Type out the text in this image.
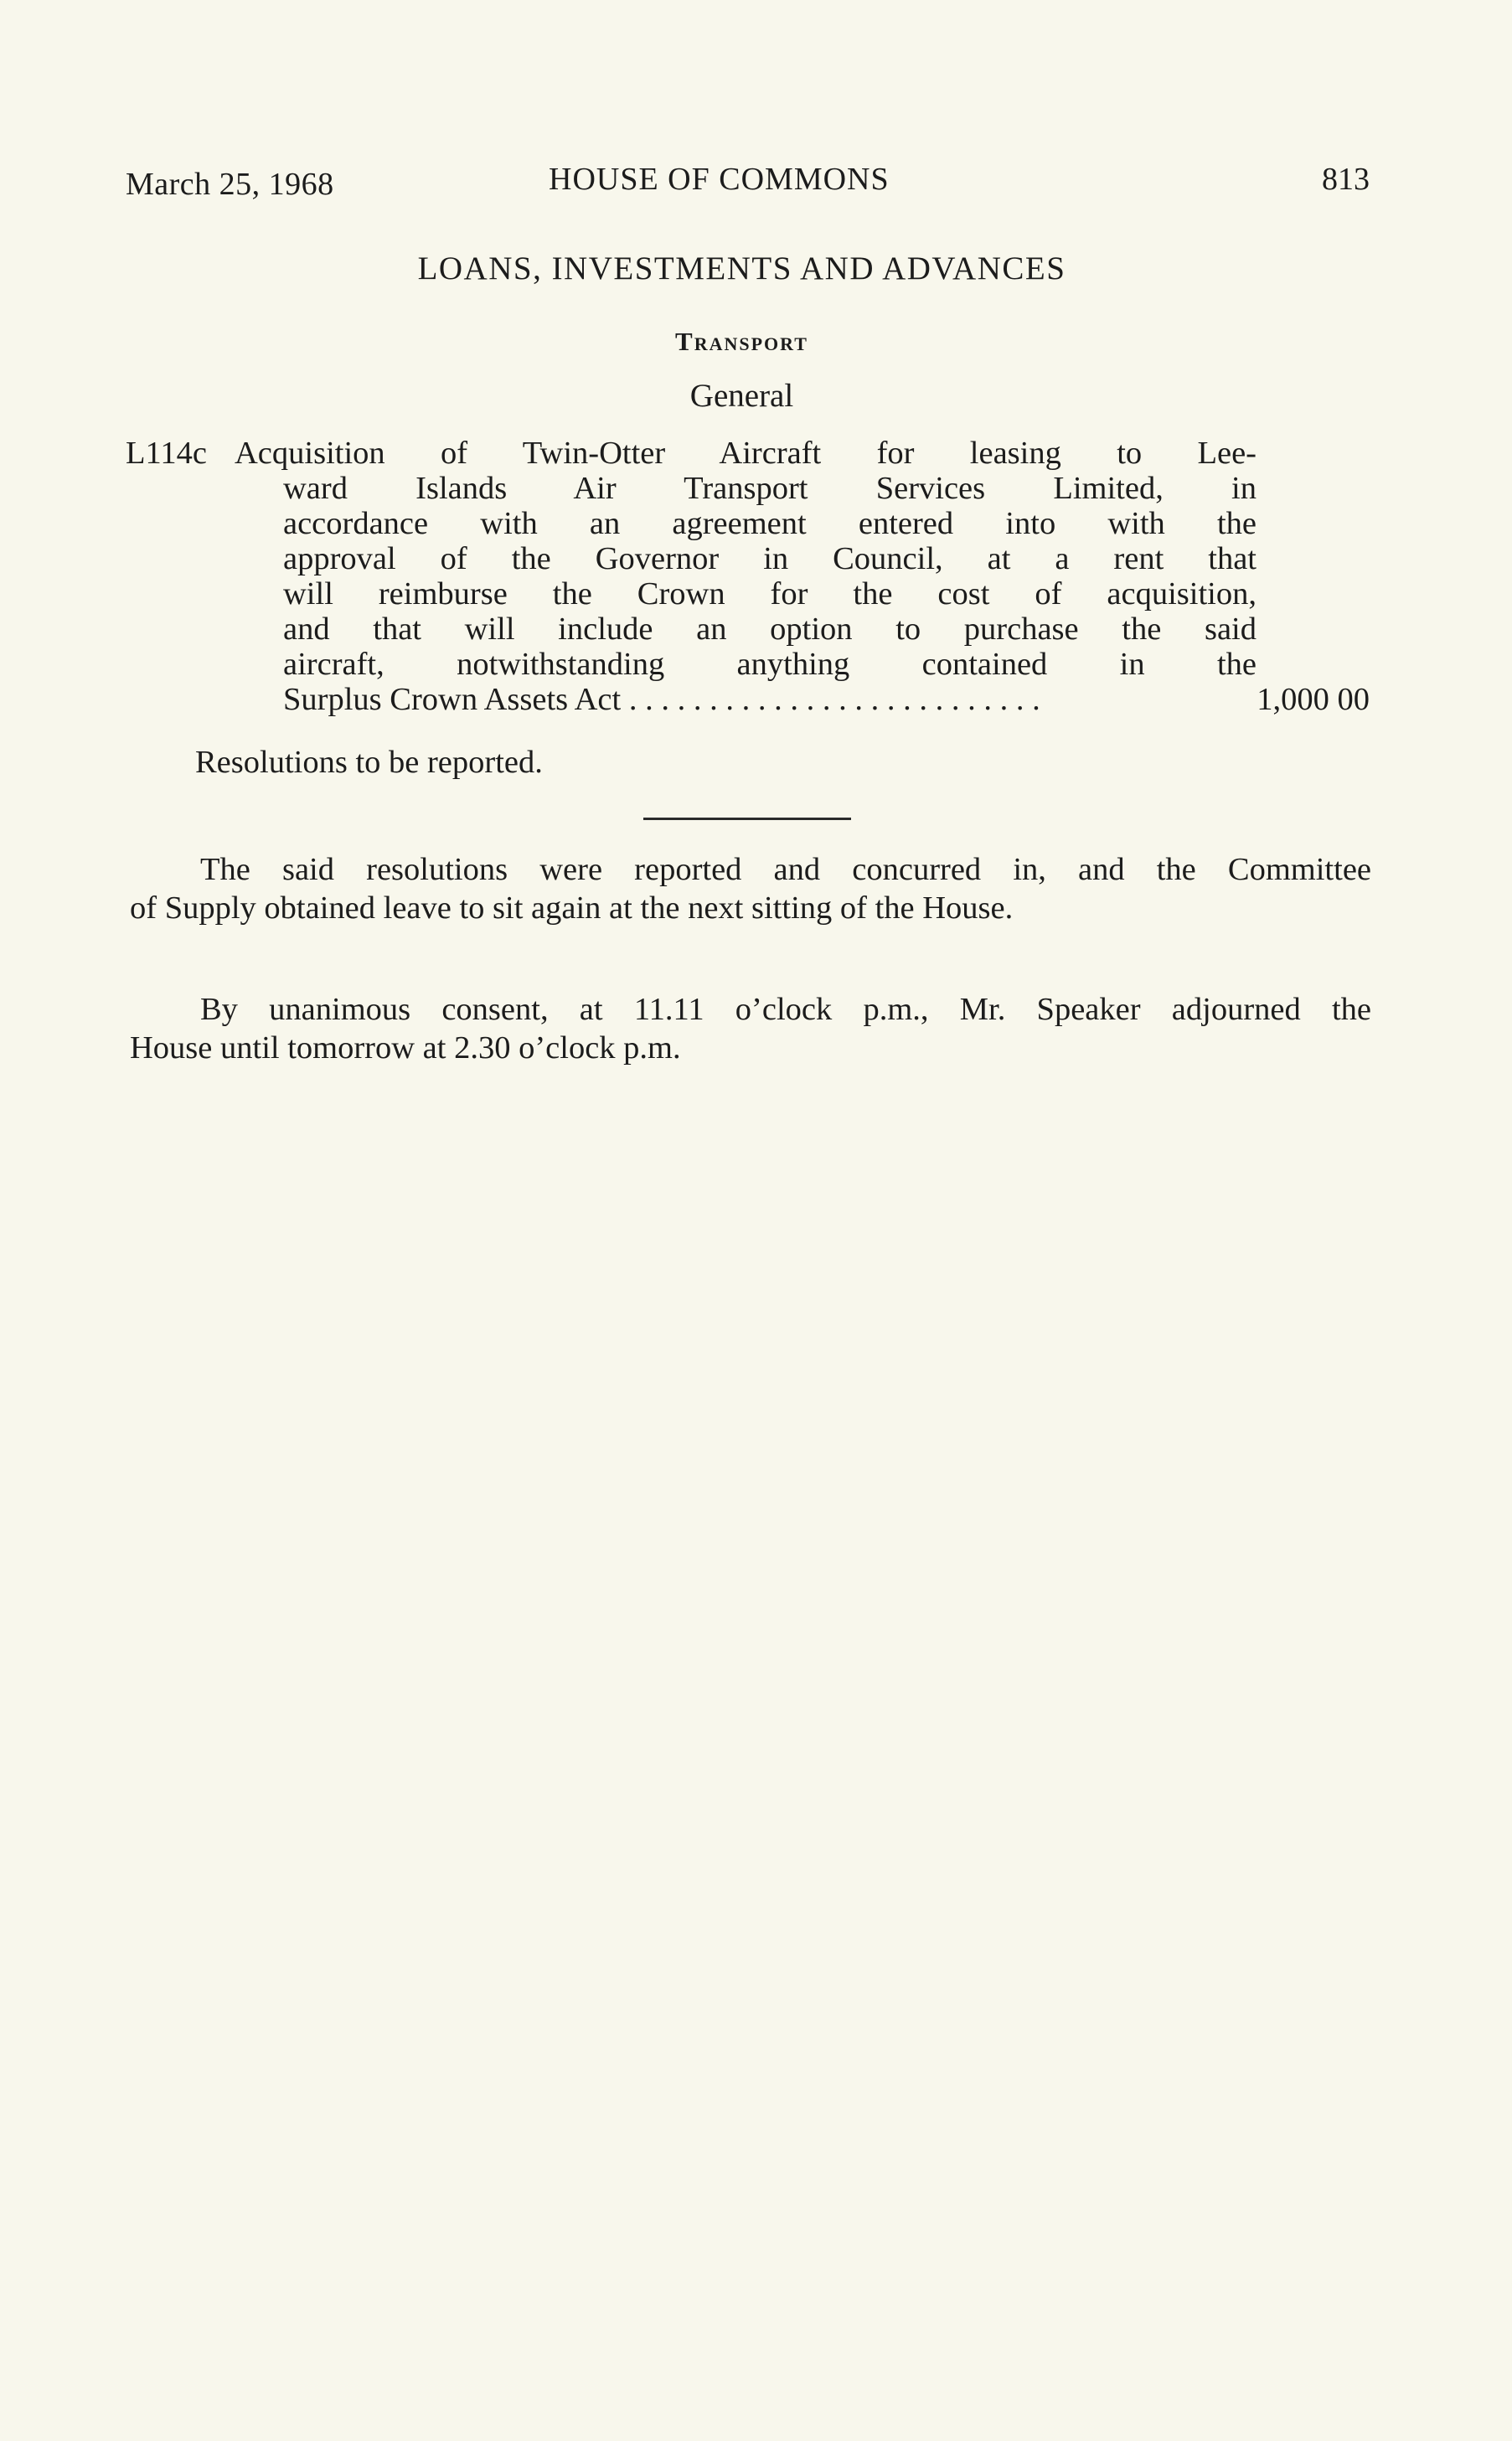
March 25, 1968	HOUSE OF COMMONS	813
LOANS, INVESTMENTS AND ADVANCES
Transport
General
L114c Acquisition of Twin-Otter Aircraft for leasing to Lee-
ward Islands Air Transport Services Limited, in
accordance with an agreement entered into with the
approval of the Governor in Council, at a rent that
will reimburse the Crown for the cost of acquisition,
and that will include an option to purchase the said
aircraft, notwithstanding anything contained in the
Surplus Crown Assets Act . . . . . . . . . . . . . . . . . . . . . . . . . .	1,000 00
Resolutions to be reported.
The said resolutions were reported and concurred in, and the Committee
of Supply obtained leave to sit again at the next sitting of the House.
By unanimous consent, at 11.11 o’clock p.m., Mr. Speaker adjourned the
House until tomorrow at 2.30 o’clock p.m.
